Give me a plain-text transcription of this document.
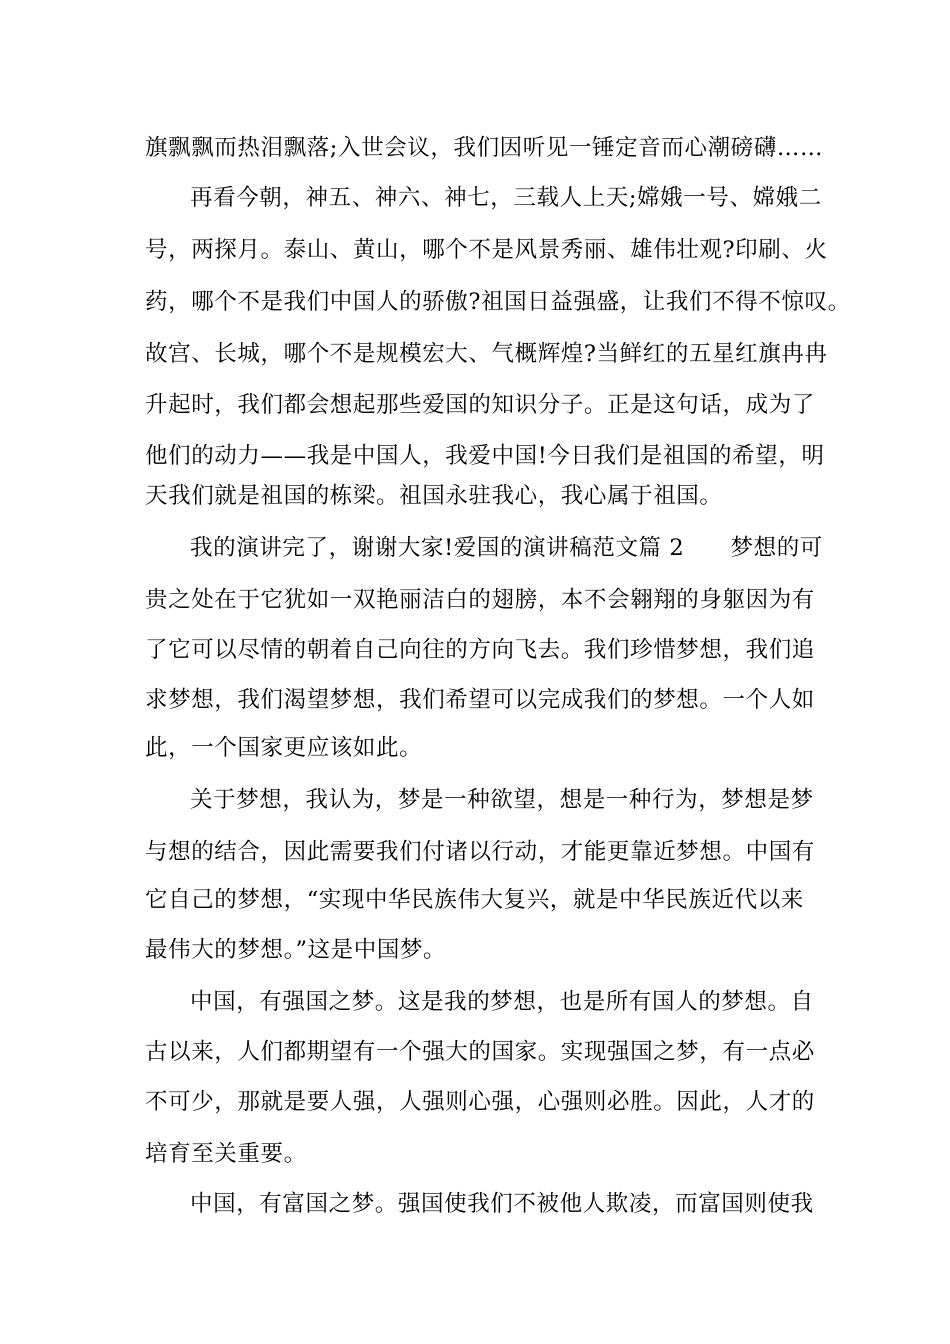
旗飘飘而热泪飘落;入世会议，我们因听见一锤定音而心潮磅礴……
再看今朝，神五、神六、神七，三载人上天;嫦娥一号、嫦娥二
号，两探月。泰山、黄山，哪个不是风景秀丽、雄伟壮观?印刷、火
药，哪个不是我们中国人的骄傲?祖国日益强盛，让我们不得不惊叹。
故宫、长城，哪个不是规模宏大、气概辉煌?当鲜红的五星红旗冉冉
升起时，我们都会想起那些爱国的知识分子。正是这句话，成为了
他们的动力——我是中国人，我爱中国!今日我们是祖国的希望，明
天我们就是祖国的栋梁。祖国永驻我心，我心属于祖国。
我的演讲完了，谢谢大家!爱国的演讲稿范文篇 2　　梦想的可
贵之处在于它犹如一双艳丽洁白的翅膀，本不会翱翔的身躯因为有
了它可以尽情的朝着自己向往的方向飞去。我们珍惜梦想，我们追
求梦想，我们渴望梦想，我们希望可以完成我们的梦想。一个人如
此，一个国家更应该如此。
关于梦想，我认为，梦是一种欲望，想是一种行为，梦想是梦
与想的结合，因此需要我们付诸以行动，才能更靠近梦想。中国有
它自己的梦想，“实现中华民族伟大复兴，就是中华民族近代以来
最伟大的梦想。”这是中国梦。
中国，有强国之梦。这是我的梦想，也是所有国人的梦想。自
古以来，人们都期望有一个强大的国家。实现强国之梦，有一点必
不可少，那就是要人强，人强则心强，心强则必胜。因此，人才的
培育至关重要。
中国，有富国之梦。强国使我们不被他人欺凌，而富国则使我
